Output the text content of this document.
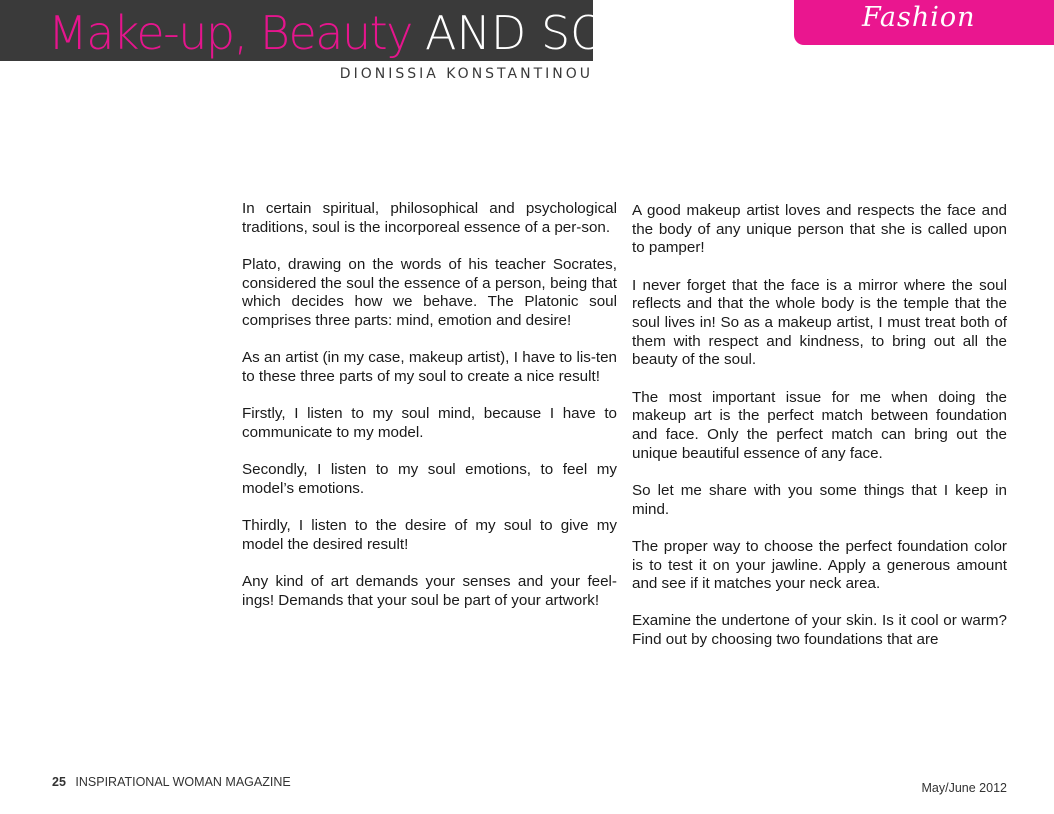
Make-up, Beauty AND SOUL
DIONISSIA KONSTANTINOU
Fashion

In certain spiritual, philosophical and psychological traditions, soul is the incorporeal essence of a per-son.

Plato, drawing on the words of his teacher Socrates, considered the soul the essence of a person, being that which decides how we behave. The Platonic soul comprises three parts: mind, emotion and desire!

As an artist (in my case, makeup artist), I have to lis-ten to these three parts of my soul to create a nice result!

Firstly, I listen to my soul mind, because I have to communicate to my model.

Secondly, I listen to my soul emotions, to feel my model’s emotions.

Thirdly, I listen to the desire of my soul to give my model the desired result!

Any kind of art demands your senses and your feel-ings! Demands that your soul be part of your artwork!

A good makeup artist loves and respects the face and the body of any unique person that she is called upon to pamper!

I never forget that the face is a mirror where the soul reflects and that the whole body is the temple that the soul lives in! So as a makeup artist, I must treat both of them with respect and kindness, to bring out all the beauty of the soul.

The most important issue for me when doing the makeup art is the perfect match between foundation and face. Only the perfect match can bring out the unique beautiful essence of any face.

So let me share with you some things that I keep in mind.

The proper way to choose the perfect foundation color is to test it on your jawline. Apply a generous amount and see if it matches your neck area.

Examine the undertone of your skin. Is it cool or warm? Find out by choosing two foundations that are

25 INSPIRATIONAL WOMAN MAGAZINE	May/June 2012
